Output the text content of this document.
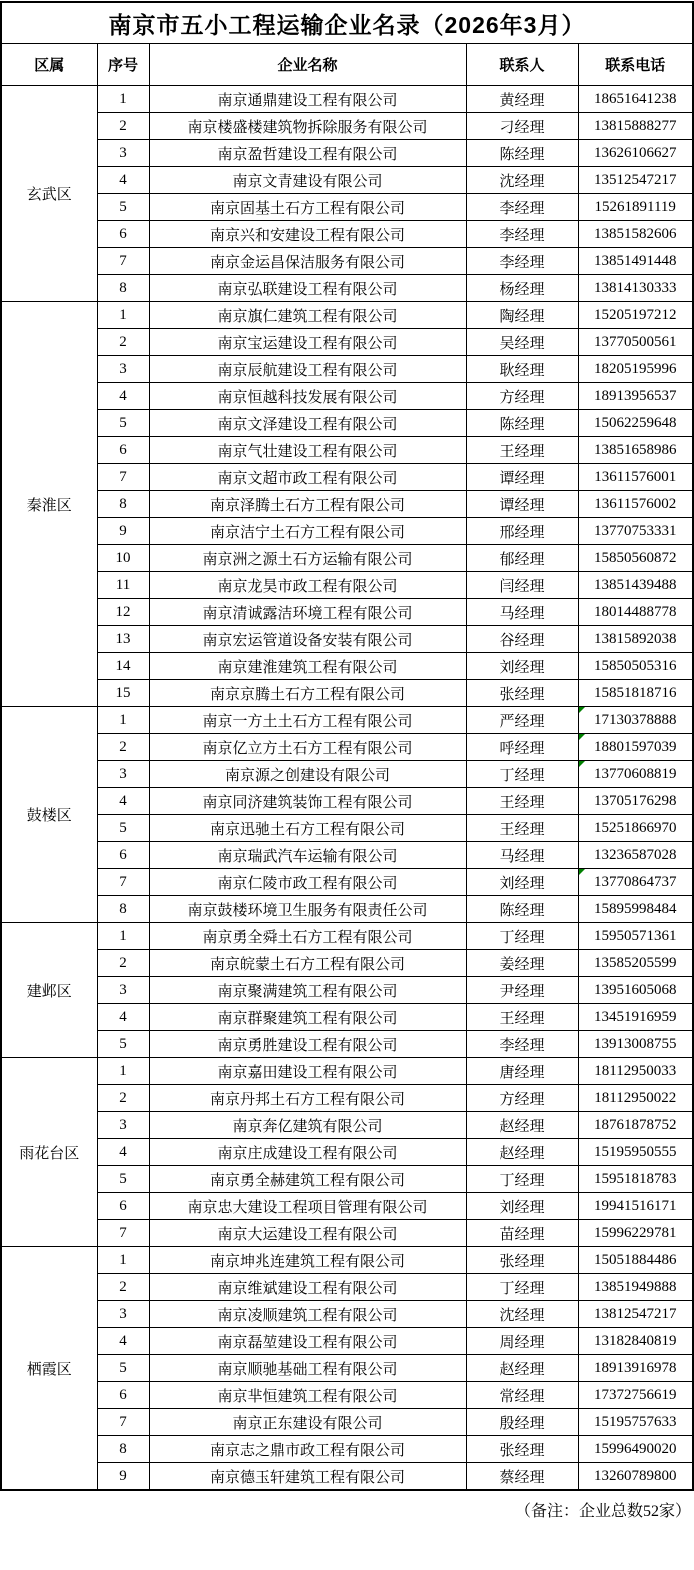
南京市五小工程运输企业名录（2026年3月）				
区属	序号	企业名称	联系人	联系电话
玄武区	1	南京通鼎建设工程有限公司	黄经理	18651641238
	2	南京楼盛楼建筑物拆除服务有限公司	刁经理	13815888277
	3	南京盈哲建设工程有限公司	陈经理	13626106627
	4	南京文青建设有限公司	沈经理	13512547217
	5	南京固基土石方工程有限公司	李经理	15261891119
	6	南京兴和安建设工程有限公司	李经理	13851582606
	7	南京金运昌保洁服务有限公司	李经理	13851491448
	8	南京弘联建设工程有限公司	杨经理	13814130333
秦淮区	1	南京旗仁建筑工程有限公司	陶经理	15205197212
	2	南京宝运建设工程有限公司	吴经理	13770500561
	3	南京辰航建设工程有限公司	耿经理	18205195996
	4	南京恒越科技发展有限公司	方经理	18913956537
	5	南京文泽建设工程有限公司	陈经理	15062259648
	6	南京气壮建设工程有限公司	王经理	13851658986
	7	南京文超市政工程有限公司	谭经理	13611576001
	8	南京泽腾土石方工程有限公司	谭经理	13611576002
	9	南京洁宁土石方工程有限公司	邢经理	13770753331
	10	南京洲之源土石方运输有限公司	郁经理	15850560872
	11	南京龙昊市政工程有限公司	闫经理	13851439488
	12	南京清诚露洁环境工程有限公司	马经理	18014488778
	13	南京宏运管道设备安装有限公司	谷经理	13815892038
	14	南京建淮建筑工程有限公司	刘经理	15850505316
	15	南京京腾土石方工程有限公司	张经理	15851818716
鼓楼区	1	南京一方土土石方工程有限公司	严经理	17130378888

	2	南京亿立方土石方工程有限公司	呼经理	18801597039

	3	南京源之创建设有限公司	丁经理	13770608819

	4	南京同济建筑装饰工程有限公司	王经理	13705176298
	5	南京迅驰土石方工程有限公司	王经理	15251866970
	6	南京瑞武汽车运输有限公司	马经理	13236587028
	7	南京仁陵市政工程有限公司	刘经理	13770864737

	8	南京鼓楼环境卫生服务有限责任公司	陈经理	15895998484
建邺区	1	南京勇全舜土石方工程有限公司	丁经理	15950571361
	2	南京皖蒙土石方工程有限公司	姜经理	13585205599
	3	南京聚满建筑工程有限公司	尹经理	13951605068
	4	南京群聚建筑工程有限公司	王经理	13451916959
	5	南京勇胜建设工程有限公司	李经理	13913008755
雨花台区	1	南京嘉田建设工程有限公司	唐经理	18112950033
	2	南京丹邦土石方工程有限公司	方经理	18112950022
	3	南京奔亿建筑有限公司	赵经理	18761878752
	4	南京庄成建设工程有限公司	赵经理	15195950555
	5	南京勇全赫建筑工程有限公司	丁经理	15951818783
	6	南京忠大建设工程项目管理有限公司	刘经理	19941516171
	7	南京大运建设工程有限公司	苗经理	15996229781
栖霞区	1	南京坤兆连建筑工程有限公司	张经理	15051884486
	2	南京维斌建设工程有限公司	丁经理	13851949888
	3	南京凌顺建筑工程有限公司	沈经理	13812547217
	4	南京磊堃建设工程有限公司	周经理	13182840819
	5	南京顺驰基础工程有限公司	赵经理	18913916978
	6	南京芈恒建筑工程有限公司	常经理	17372756619
	7	南京正东建设有限公司	殷经理	15195757633
	8	南京志之鼎市政工程有限公司	张经理	15996490020
	9	南京德玉轩建筑工程有限公司	蔡经理	13260789800
（备注：企业总数52家）
